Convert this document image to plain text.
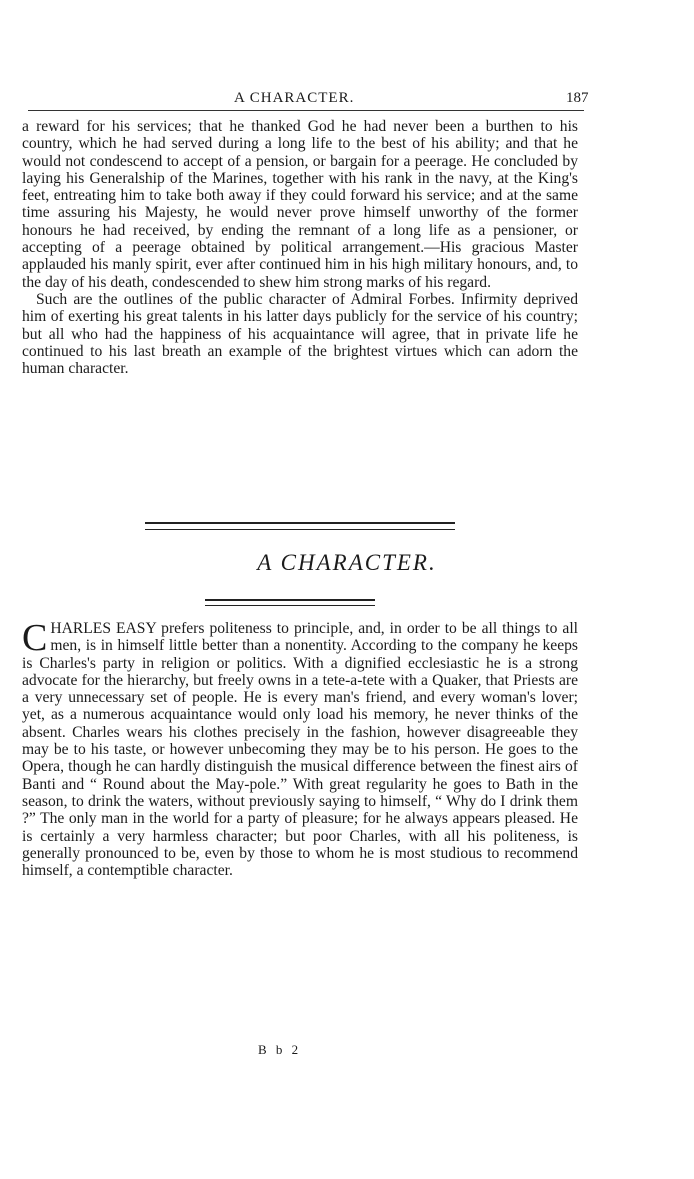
A CHARACTER.	187

a reward for his services; that he thanked God he had never been a burthen to his country, which he had served during a long life to the best of his ability; and that he would not condescend to accept of a pension, or bargain for a peerage. He concluded by laying his Generalship of the Marines, together with his rank in the navy, at the King's feet, entreating him to take both away if they could forward his service; and at the same time assuring his Majesty, he would never prove himself unworthy of the former honours he had received, by ending the remnant of a long life as a pensioner, or accepting of a peerage obtained by political arrangement.—His gracious Master applauded his manly spirit, ever after continued him in his high military honours, and, to the day of his death, condescended to shew him strong marks of his regard.

Such are the outlines of the public character of Admiral Forbes. Infirmity deprived him of exerting his great talents in his latter days publicly for the service of his country; but all who had the happiness of his acquaintance will agree, that in private life he continued to his last breath an example of the brightest virtues which can adorn the human character.

A CHARACTER.

CHARLES EASY prefers politeness to principle, and, in order to be all things to all men, is in himself little better than a nonentity. According to the company he keeps is Charles's party in religion or politics. With a dignified ecclesiastic he is a strong advocate for the hierarchy, but freely owns in a tete-a-tete with a Quaker, that Priests are a very unnecessary set of people. He is every man's friend, and every woman's lover; yet, as a numerous acquaintance would only load his memory, he never thinks of the absent. Charles wears his clothes precisely in the fashion, however disagreeable they may be to his taste, or however unbecoming they may be to his person. He goes to the Opera, though he can hardly distinguish the musical difference between the finest airs of Banti and “ Round about the May-pole.” With great regularity he goes to Bath in the season, to drink the waters, without previously saying to himself, “ Why do I drink them ?” The only man in the world for a party of pleasure; for he always appears pleased. He is certainly a very harmless character; but poor Charles, with all his politeness, is generally pronounced to be, even by those to whom he is most studious to recommend himself, a contemptible character.

B b 2
